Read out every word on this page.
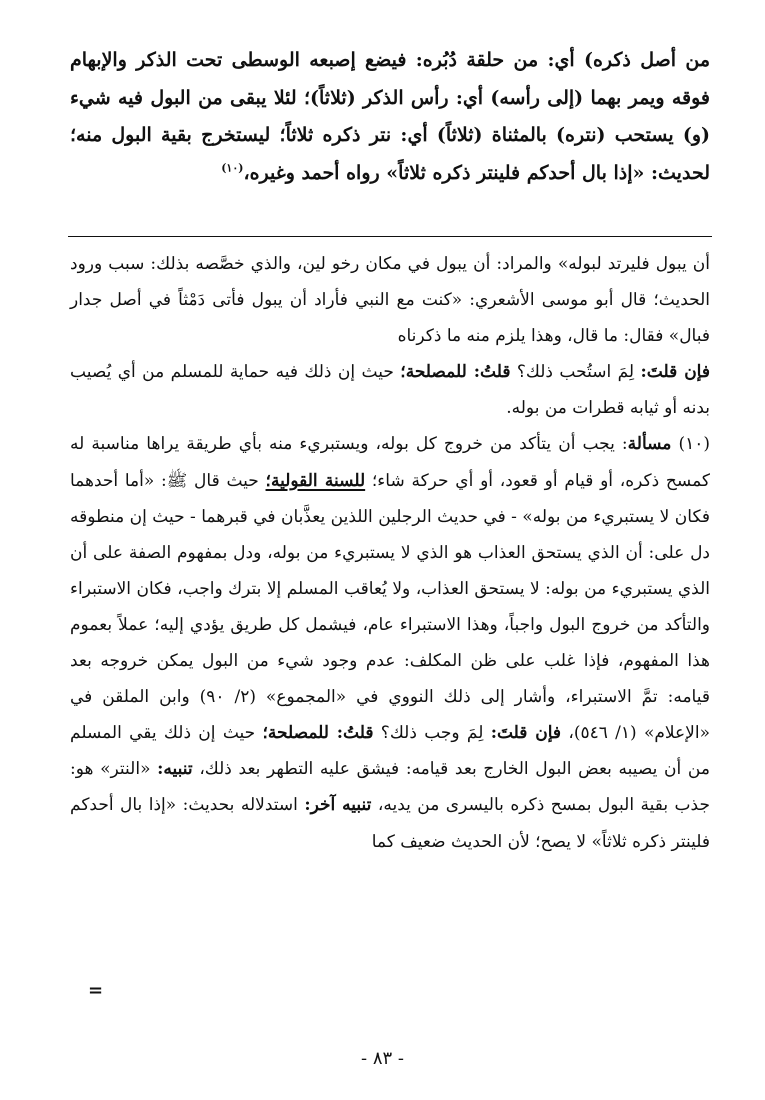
من أصل ذكره) أي: من حلقة دُبُره: فيضع إصبعه الوسطى تحت الذكر والإبهام فوقه ويمر بهما (إلى رأسه) أي: رأس الذكر (ثلاثاً)؛ لئلا يبقى من البول فيه شيء (و) يستحب (نتره) بالمثناة (ثلاثاً) أي: نتر ذكره ثلاثاً؛ ليستخرج بقية البول منه؛ لحديث: «إذا بال أحدكم فلينتر ذكره ثلاثاً» رواه أحمد وغيره،$^{(١٠)}$

أن يبول فليرتد لبوله» والمراد: أن يبول في مكان رخو لين، والذي خصَّصه بذلك: سبب ورود الحديث؛ قال أبو موسى الأشعري: «كنت مع النبي فأراد أن يبول فأتى دَمْثاً في أصل جدار فبال» فقال: ما قال، وهذا يلزم منه ما ذكرناه
فإن قلتَ: لِمَ استُحب ذلك؟ قلتُ: للمصلحة؛ حيث إن ذلك فيه حماية للمسلم من أي يُصيب بدنه أو ثيابه قطرات من بوله.

(١٠) مسألة: يجب أن يتأكد من خروج كل بوله، ويستبريء منه بأي طريقة يراها مناسبة له كمسح ذكره، أو قيام أو قعود، أو أي حركة شاء؛ للسنة القولية؛ حيث قال ﷺ: «أما أحدهما فكان لا يستبريء من بوله» - في حديث الرجلين اللذين يعذَّبان في قبرهما - حيث إن منطوقه دل على: أن الذي يستحق العذاب هو الذي لا يستبريء من بوله، ودل بمفهوم الصفة على أن الذي يستبريء من بوله: لا يستحق العذاب، ولا يُعاقب المسلم إلا بترك واجب، فكان الاستبراء والتأكد من خروج البول واجباً، وهذا الاستبراء عام، فيشمل كل طريق يؤدي إليه؛ عملاً بعموم هذا المفهوم، فإذا غلب على ظن المكلف: عدم وجود شيء من البول يمكن خروجه بعد قيامه: تمَّ الاستبراء، وأشار إلى ذلك النووي في «المجموع» (٢/ ٩٠) وابن الملقن في «الإعلام» (١/ ٥٤٦)، فإن قلتَ: لِمَ وجب ذلك؟ قلتُ: للمصلحة؛ حيث إن ذلك يقي المسلم من أن يصيبه بعض البول الخارج بعد قيامه: فيشق عليه التطهر بعد ذلك، تنبيه: «النتر» هو: جذب بقية البول بمسح ذكره باليسرى من يديه، تنبيه آخر: استدلاله بحديث: «إذا بال أحدكم فلينتر ذكره ثلاثاً» لا يصح؛ لأن الحديث ضعيف كما

=
- ٨٣ -
